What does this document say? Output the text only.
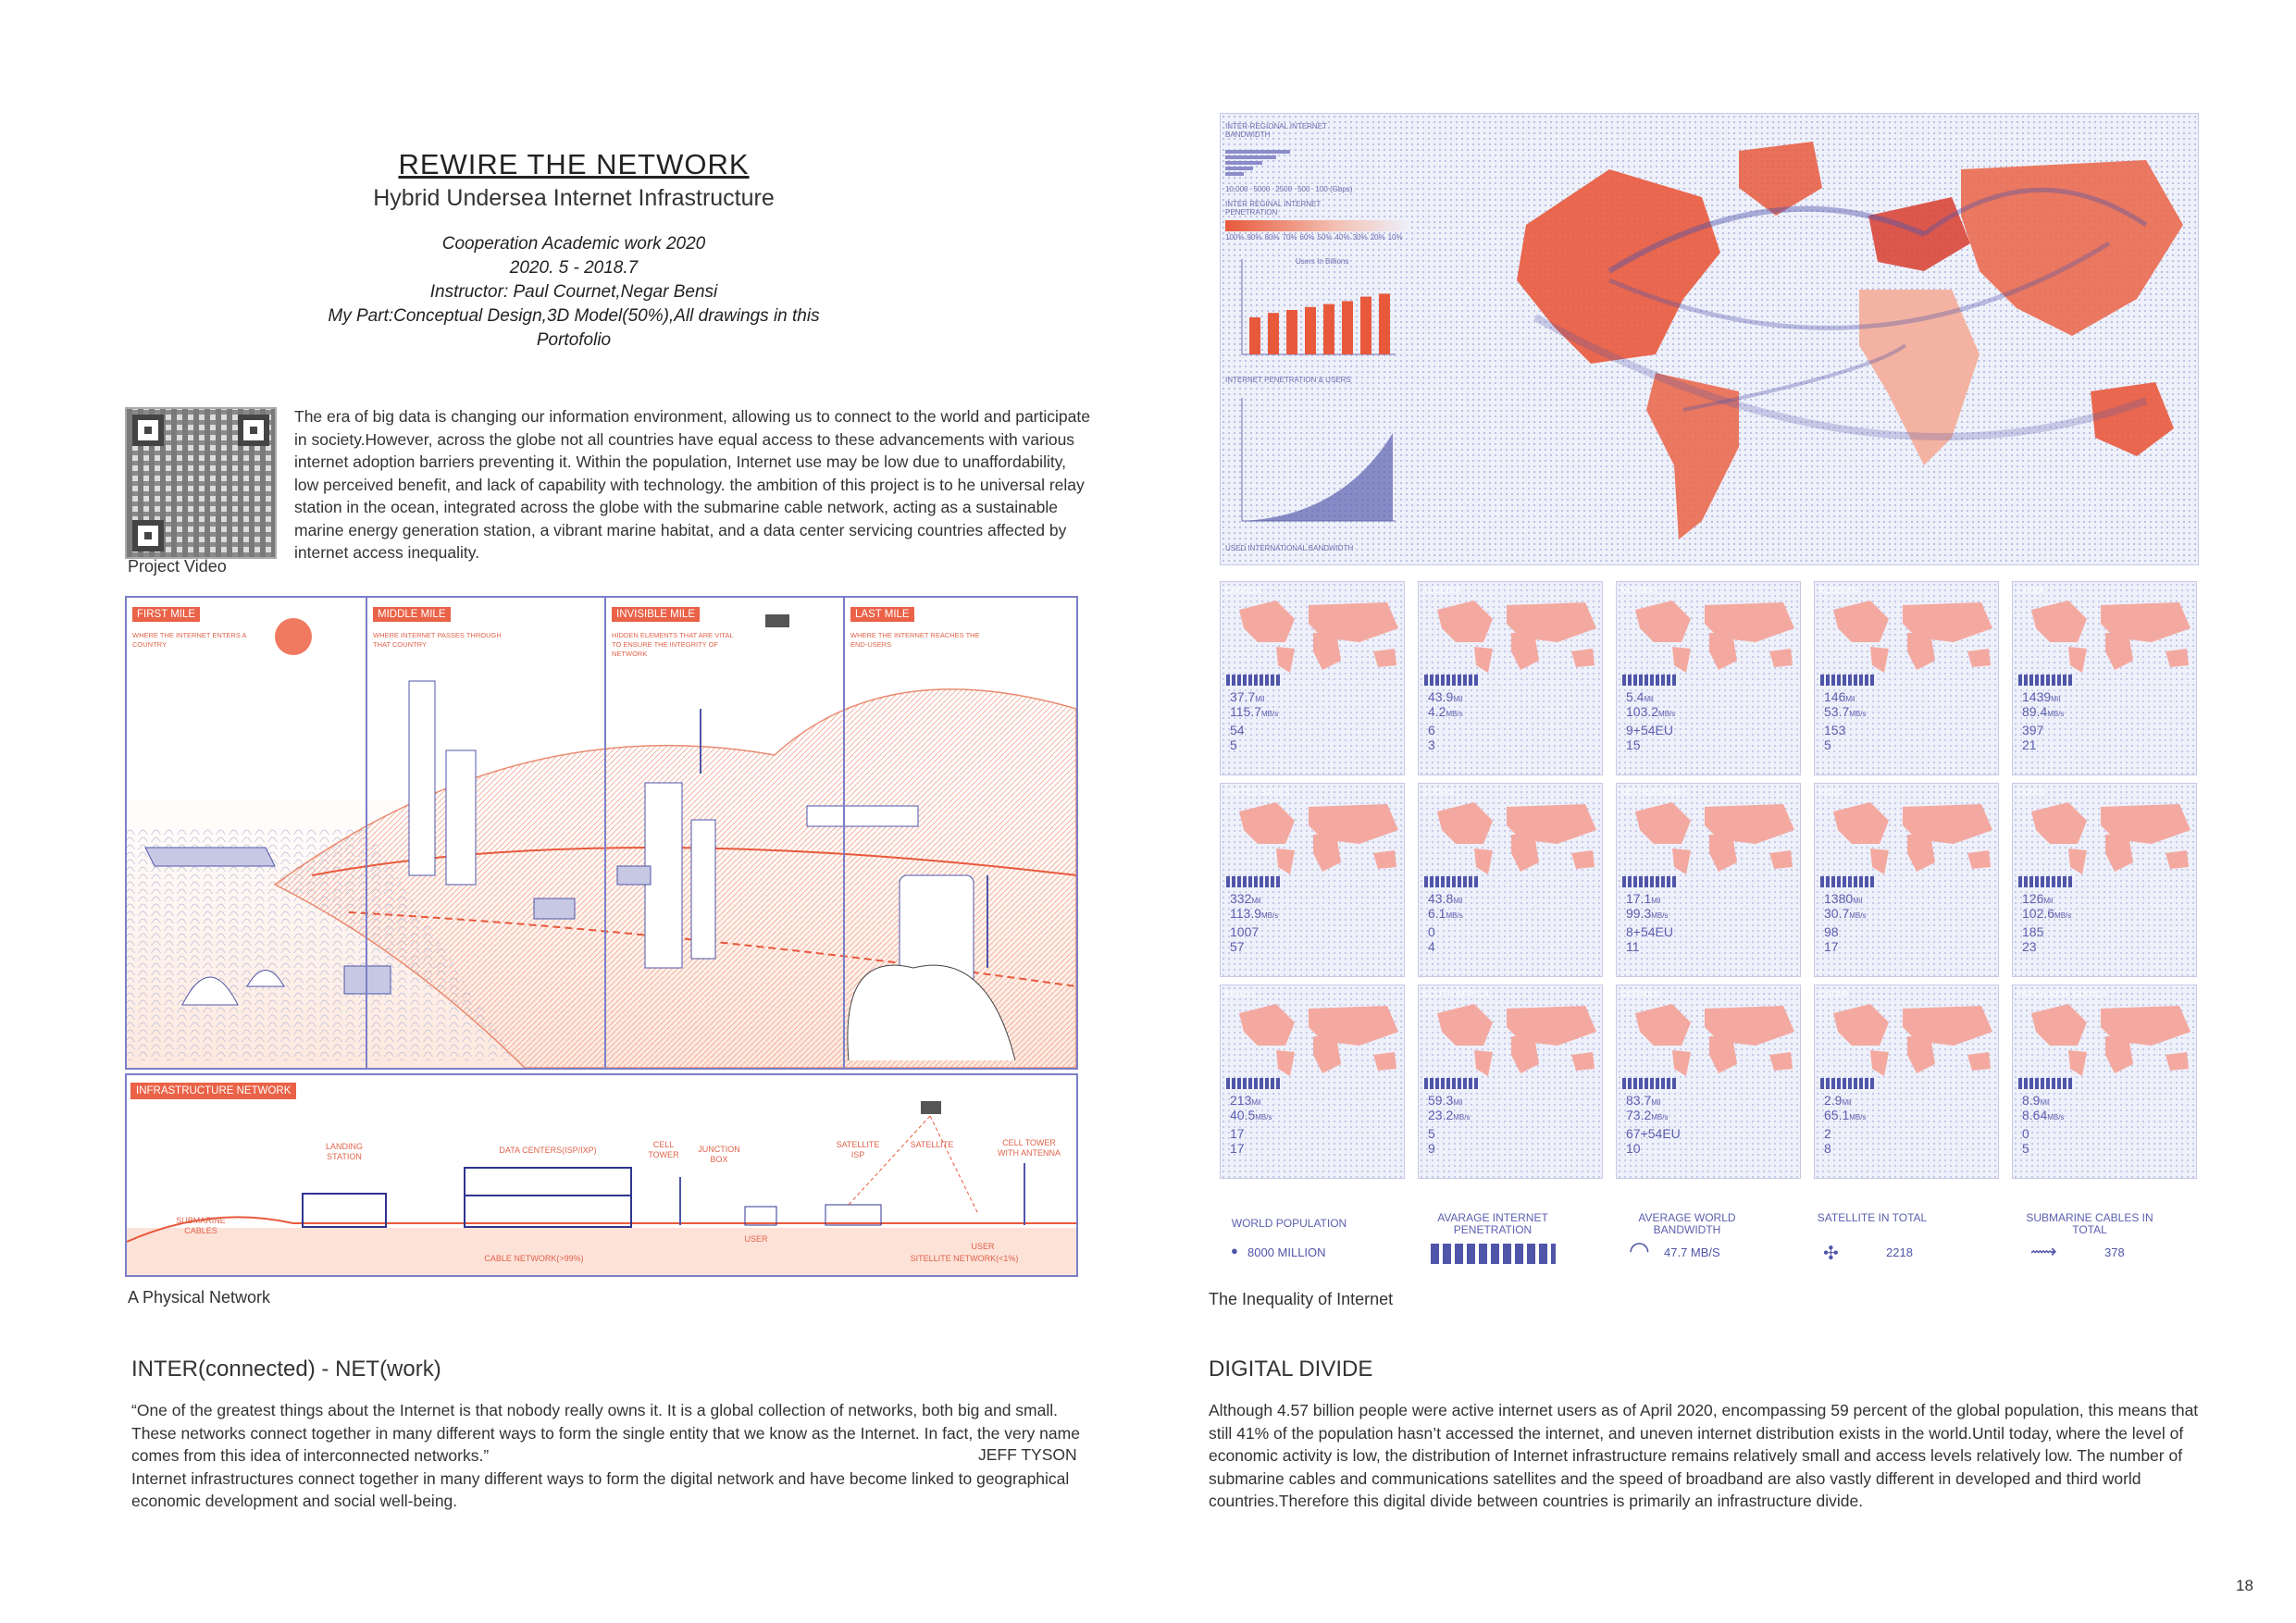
REWIRE THE NETWORK
Hybrid Undersea Internet Infrastructure
Cooperation Academic work 2020
2020. 5 - 2018.7
Instructor: Paul Cournet,Negar Bensi
My Part:Conceptual Design,3D Model(50%),All drawings in this
Portofolio
Project Video
The era of big data is changing our information environment, allowing us to connect to the world and participate in society.However, across the globe not all countries have equal access to these advancements with various internet adoption barriers preventing it. Within the population, Internet use may be low due to unaffordability, low perceived benefit, and lack of capability with technology. the ambition of this project is to he universal relay station in the ocean, integrated across the globe with the submarine cable network, acting as a sustainable marine energy generation station, a vibrant marine habitat, and a data center servicing countries affected by internet access inequality.
FIRST MILE
WHERE THE INTERNET ENTERS A COUNTRY
MIDDLE MILE
WHERE INTERNET PASSES THROUGH THAT COUNTRY
INVISIBLE MILE
HIDDEN ELEMENTS THAT ARE VITAL TO ENSURE THE INTEGRITY OF NETWORK
LAST MILE
WHERE THE INTERNET REACHES THE END-USERS
INFRASTRUCTURE NETWORK
LANDING STATION
DATA CENTERS(ISP/IXP)
CELL TOWER
JUNCTION BOX
SATELLITE ISP
SATELLITE	CELL TOWER WITH ANTENNA
SUBMARINE CABLES
USER
USER
CABLE NETWORK(>99%)	SITELLITE NETWORK(<1%)
A Physical Network
INTER(connected) - NET(work)
“One of the greatest things about the Internet is that nobody really owns it. It is a global collection of networks, both big and small. These networks connect together in many different ways to form the single entity that we know as the Internet. In fact, the very name comes from this idea of interconnected networks.”	JEFF TYSON
Internet infrastructures connect together in many different ways to form the digital network and have become linked to geographical economic development and social well-being.
INTER-REGIONAL INTERNET BANDWIDTH
10,000 5000 2500 500 100 (Gbps)
INTER REGINAL INTERNET PENETRATION
100% 90% 80% 70% 60% 50% 40% 30% 20% 10%
Users In Billions
INTERNET PENETRATION & USERS
USED INTERNATIONAL BANDWIDTH
CANADA
37.7Mil
115.7MB/s
54
5
ALGERIA
43.9Mil
4.2MB/s
6
3
NORWAY
5.4Mil
103.2MB/s
9+54EU
15
RUSSIAN
146Mil
53.7MB/s
153
5
CHINA
1439Mil
89.4MB/s
397
21
UNITED SATES
332Mil
113.9MB/s
1007
57
SUDAN
43.8Mil
6.1MB/s
0
4
NETHERLANDS
17.1Mil
99.3MB/s
8+54EU
11
INDIA
1380Mil
30.7MB/s
98
17
JAPAN
126Mil
102.6MB/s
185
23
BRAZIL
213Mil
40.5MB/s
17
17
SOUTH AFRICA
59.3Mil
23.2MB/s
5
9
GERMAN
83.7Mil
73.2MB/s
67+54EU
10
QATAR
2.9Mil
65.1MB/s
2
8
PAPUA NEW GUINEA
8.9Mil
8.64MB/s
0
5
WORLD POPULATION
● 8000 MILLION
AVARAGE INTERNET PENETRATION
AVERAGE WORLD BANDWIDTH
◠ 47.7 MB/S
SATELLITE IN TOTAL
✣	2218
SUBMARINE CABLES IN TOTAL
⟿	378
The Inequality of Internet
DIGITAL DIVIDE
Although 4.57 billion people were active internet users as of April 2020, encompassing 59 percent of the global population, this means that still 41% of the population hasn’t accessed the internet, and uneven internet distribution exists in the world.Until today, where the level of economic activity is low, the distribution of Internet infrastructure remains relatively small and access levels relatively low. The number of submarine cables and communications satellites and the speed of broadband are also vastly different in developed and third world countries.Therefore this digital divide between countries is primarily an infrastructure divide.
18
